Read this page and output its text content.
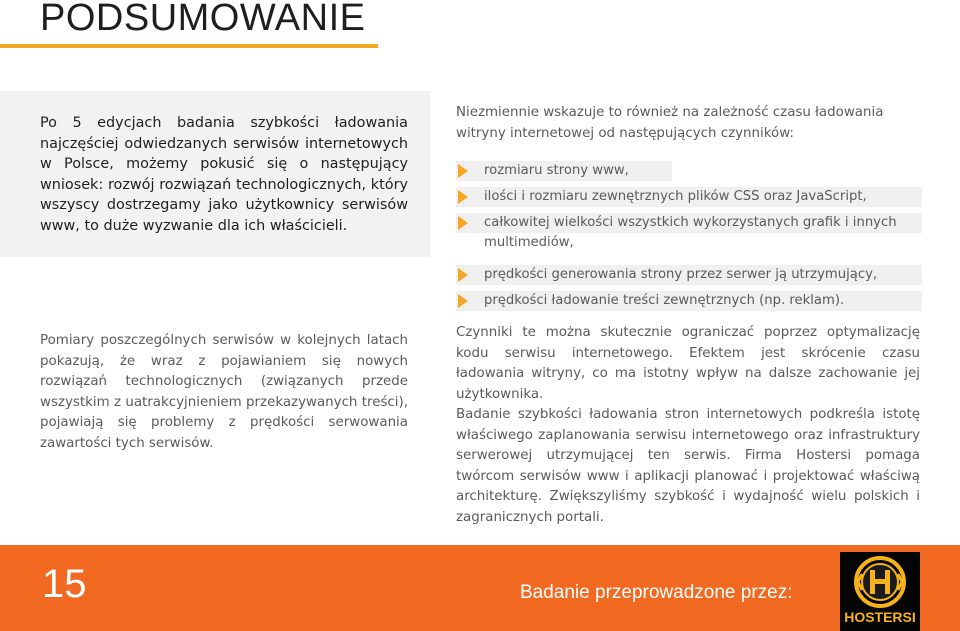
PODSUMOWANIE

Po 5 edycjach badania szybkości ładowania najczęściej odwiedzanych serwisów internetowych w Polsce, możemy pokusić się o następujący wniosek: rozwój rozwiązań technologicznych, który wszyscy dostrzegamy jako użytkownicy serwisów www, to duże wyzwanie dla ich właścicieli.

Niezmiennie wskazuje to również na zależność czasu ładowania witryny internetowej od następujących czynników:

rozmiaru strony www,
ilości i rozmiaru zewnętrznych plików CSS oraz JavaScript,
całkowitej wielkości wszystkich wykorzystanych grafik i innych multimediów,
prędkości generowania strony przez serwer ją utrzymujący,
prędkości ładowanie treści zewnętrznych (np. reklam).

Pomiary poszczególnych serwisów w kolejnych latach pokazują, że wraz z pojawianiem się nowych rozwiązań technologicznych (związanych przede wszystkim z uatrakcyjnieniem przekazywanych treści), pojawiają się problemy z prędkości serwowania zawartości tych serwisów.

Czynniki te można skutecznie ograniczać poprzez optymalizację kodu serwisu internetowego. Efektem jest skrócenie czasu ładowania witryny, co ma istotny wpływ na dalsze zachowanie jej użytkownika.

Badanie szybkości ładowania stron internetowych podkreśla istotę właściwego zaplanowania serwisu internetowego oraz infrastruktury serwerowej utrzymującej ten serwis. Firma Hostersi pomaga twórcom serwisów www i aplikacji planować i projektować właściwą architekturę. Zwiększyliśmy szybkość i wydajność wielu polskich i zagranicznych portali.

15	Badanie przeprowadzone przez:
HOSTERSI
